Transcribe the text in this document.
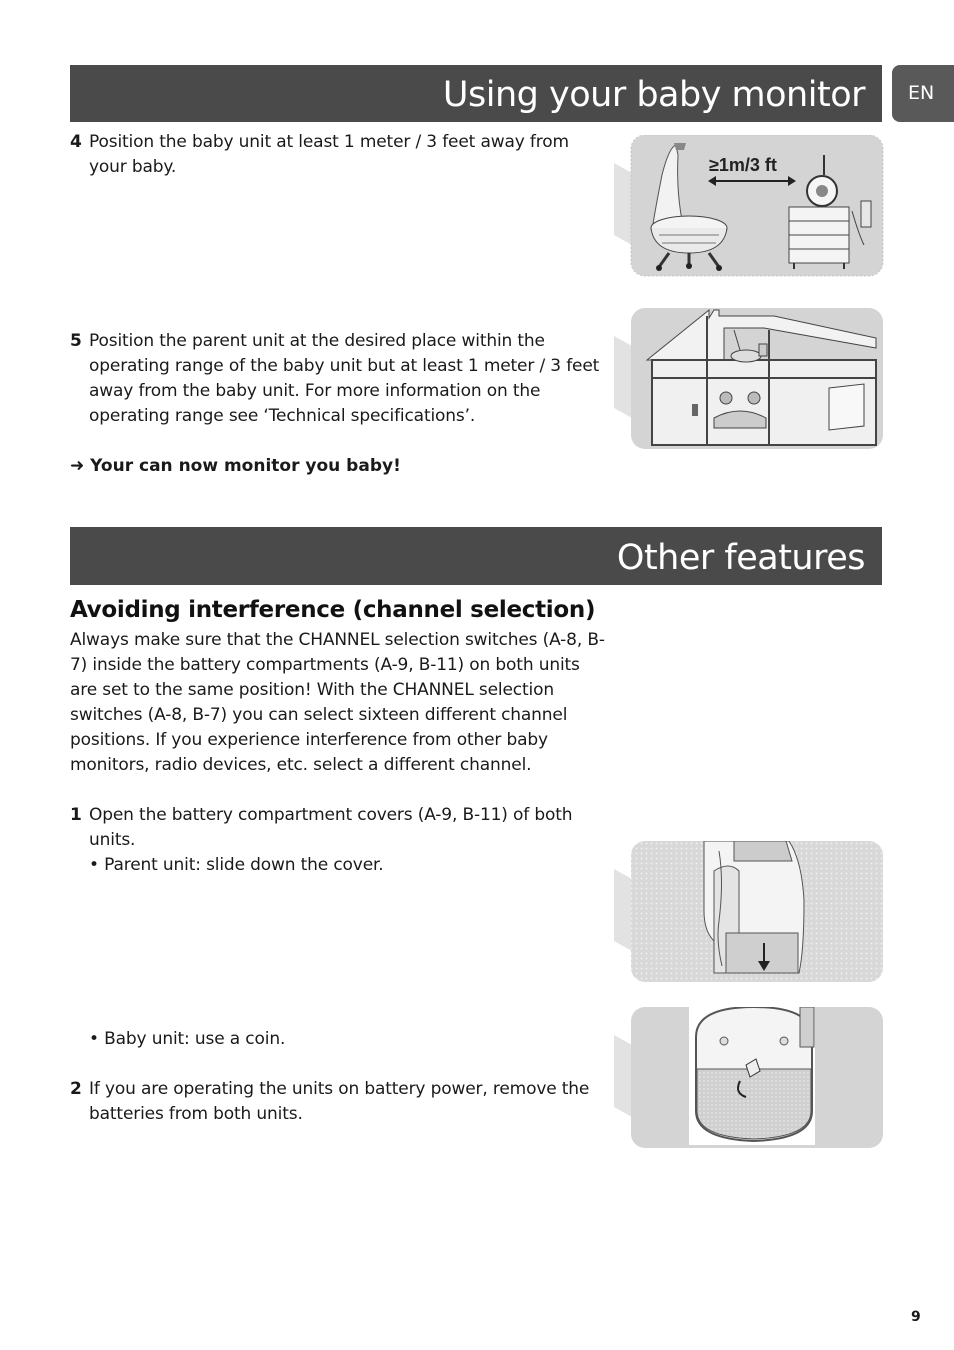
Using your baby monitor	EN
4 Position the baby unit at least 1 meter / 3 feet away from your baby.	≥1m/3 ft
5 Position the parent unit at the desired place within the operating range of the baby unit but at least 1 meter / 3 feet away from the baby unit. For more information on the operating range see ‘Technical specifications’.
➜ Your can now monitor you baby!
Other features
Avoiding interference (channel selection)
Always make sure that the CHANNEL selection switches (A-8, B-7) inside the battery compartments (A-9, B-11) on both units are set to the same position! With the CHANNEL selection switches (A-8, B-7) you can select sixteen different channel positions. If you experience interference from other baby monitors, radio devices, etc. select a different channel.
1 Open the battery compartment covers (A-9, B-11) of both units.
• Parent unit: slide down the cover.
• Baby unit: use a coin.
2 If you are operating the units on battery power, remove the batteries from both units.
9
